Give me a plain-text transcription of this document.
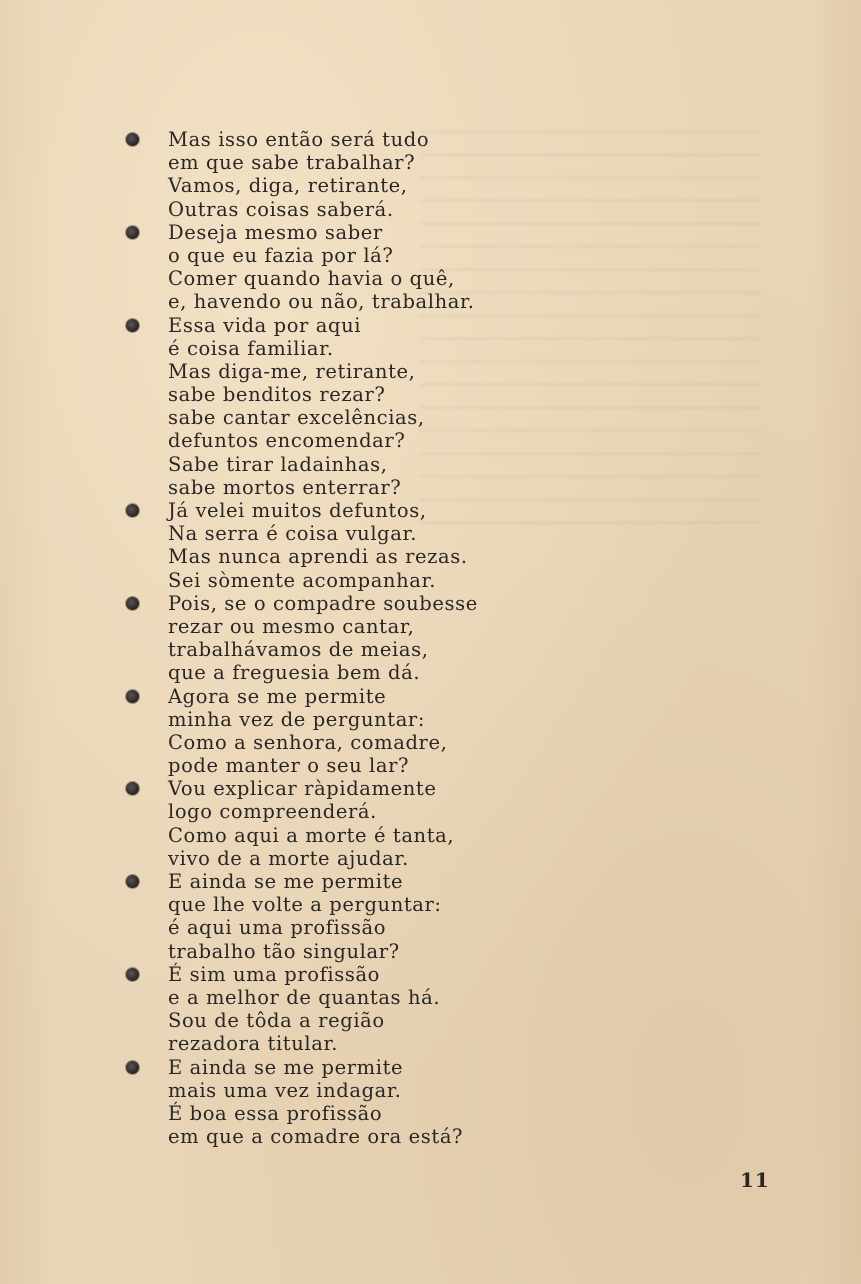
Mas isso então será tudo
em que sabe trabalhar?
Vamos, diga, retirante,
Outras coisas saberá.
Deseja mesmo saber
o que eu fazia por lá?
Comer quando havia o quê,
e, havendo ou não, trabalhar.
Essa vida por aqui
é coisa familiar.
Mas diga-me, retirante,
sabe benditos rezar?
sabe cantar excelências,
defuntos encomendar?
Sabe tirar ladainhas,
sabe mortos enterrar?
Já velei muitos defuntos,
Na serra é coisa vulgar.
Mas nunca aprendi as rezas.
Sei sòmente acompanhar.
Pois, se o compadre soubesse
rezar ou mesmo cantar,
trabalhávamos de meias,
que a freguesia bem dá.
Agora se me permite
minha vez de perguntar:
Como a senhora, comadre,
pode manter o seu lar?
Vou explicar ràpidamente
logo compreenderá.
Como aqui a morte é tanta,
vivo de a morte ajudar.
E ainda se me permite
que lhe volte a perguntar:
é aqui uma profissão
trabalho tão singular?
É sim uma profissão
e a melhor de quantas há.
Sou de tôda a região
rezadora titular.
E ainda se me permite
mais uma vez indagar.
É boa essa profissão
em que a comadre ora está?
11
